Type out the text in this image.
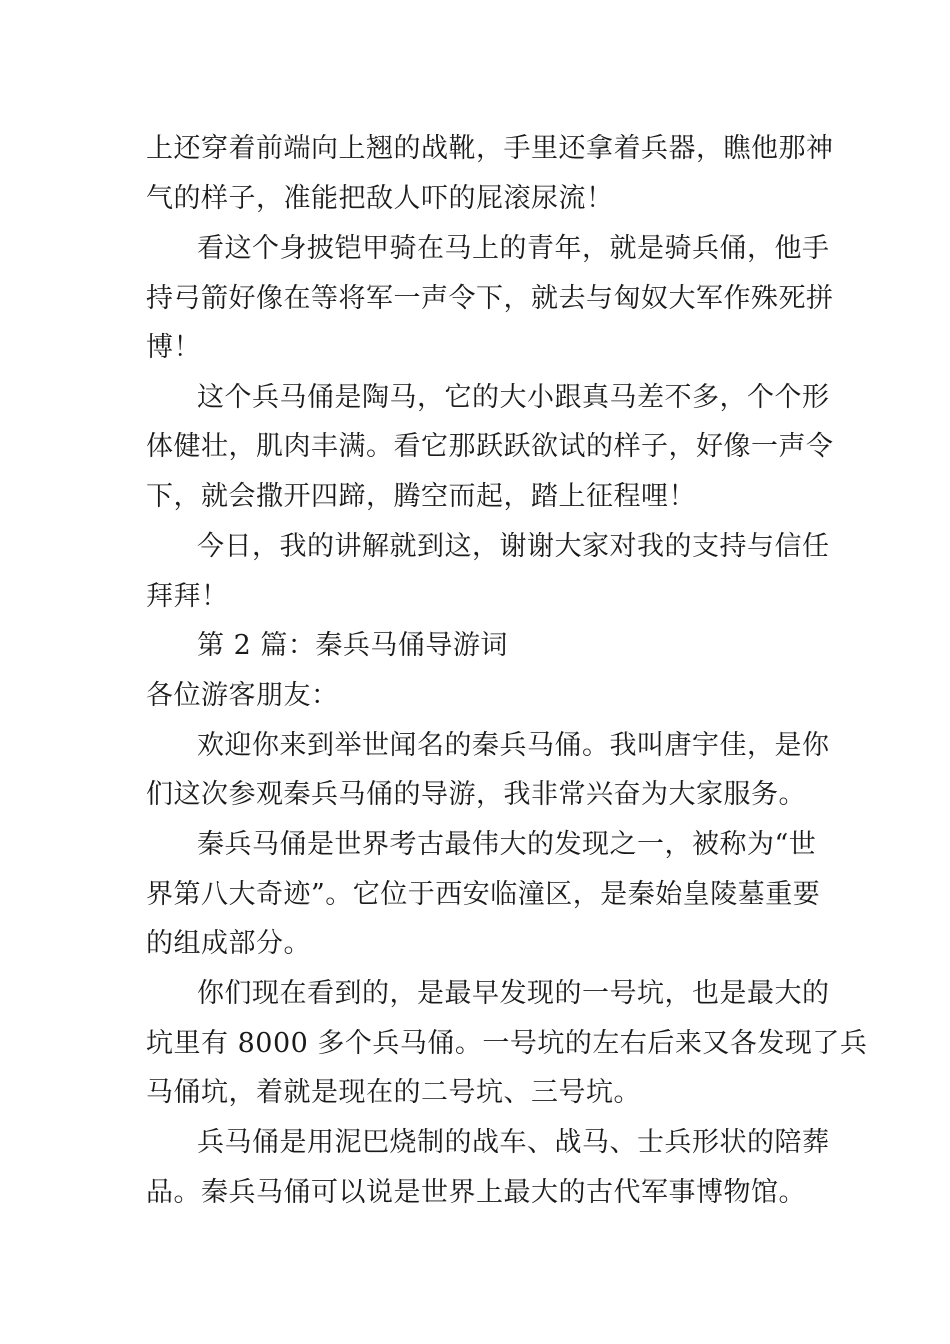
上还穿着前端向上翘的战靴，手里还拿着兵器，瞧他那神
气的样子，准能把敌人吓的屁滚尿流！
看这个身披铠甲骑在马上的青年，就是骑兵俑，他手
持弓箭好像在等将军一声令下，就去与匈奴大军作殊死拼
博！
这个兵马俑是陶马，它的大小跟真马差不多，个个形
体健壮，肌肉丰满。看它那跃跃欲试的样子，好像一声令
下，就会撒开四蹄，腾空而起，踏上征程哩！
今日，我的讲解就到这，谢谢大家对我的支持与信任
拜拜！
第 2 篇：秦兵马俑导游词
各位游客朋友：
欢迎你来到举世闻名的秦兵马俑。我叫唐宇佳，是你
们这次参观秦兵马俑的导游，我非常兴奋为大家服务。
秦兵马俑是世界考古最伟大的发现之一，被称为“世
界第八大奇迹”。它位于西安临潼区，是秦始皇陵墓重要
的组成部分。
你们现在看到的，是最早发现的一号坑，也是最大的
坑里有 8000 多个兵马俑。一号坑的左右后来又各发现了兵
马俑坑，着就是现在的二号坑、三号坑。
兵马俑是用泥巴烧制的战车、战马、士兵形状的陪葬
品。秦兵马俑可以说是世界上最大的古代军事博物馆。
